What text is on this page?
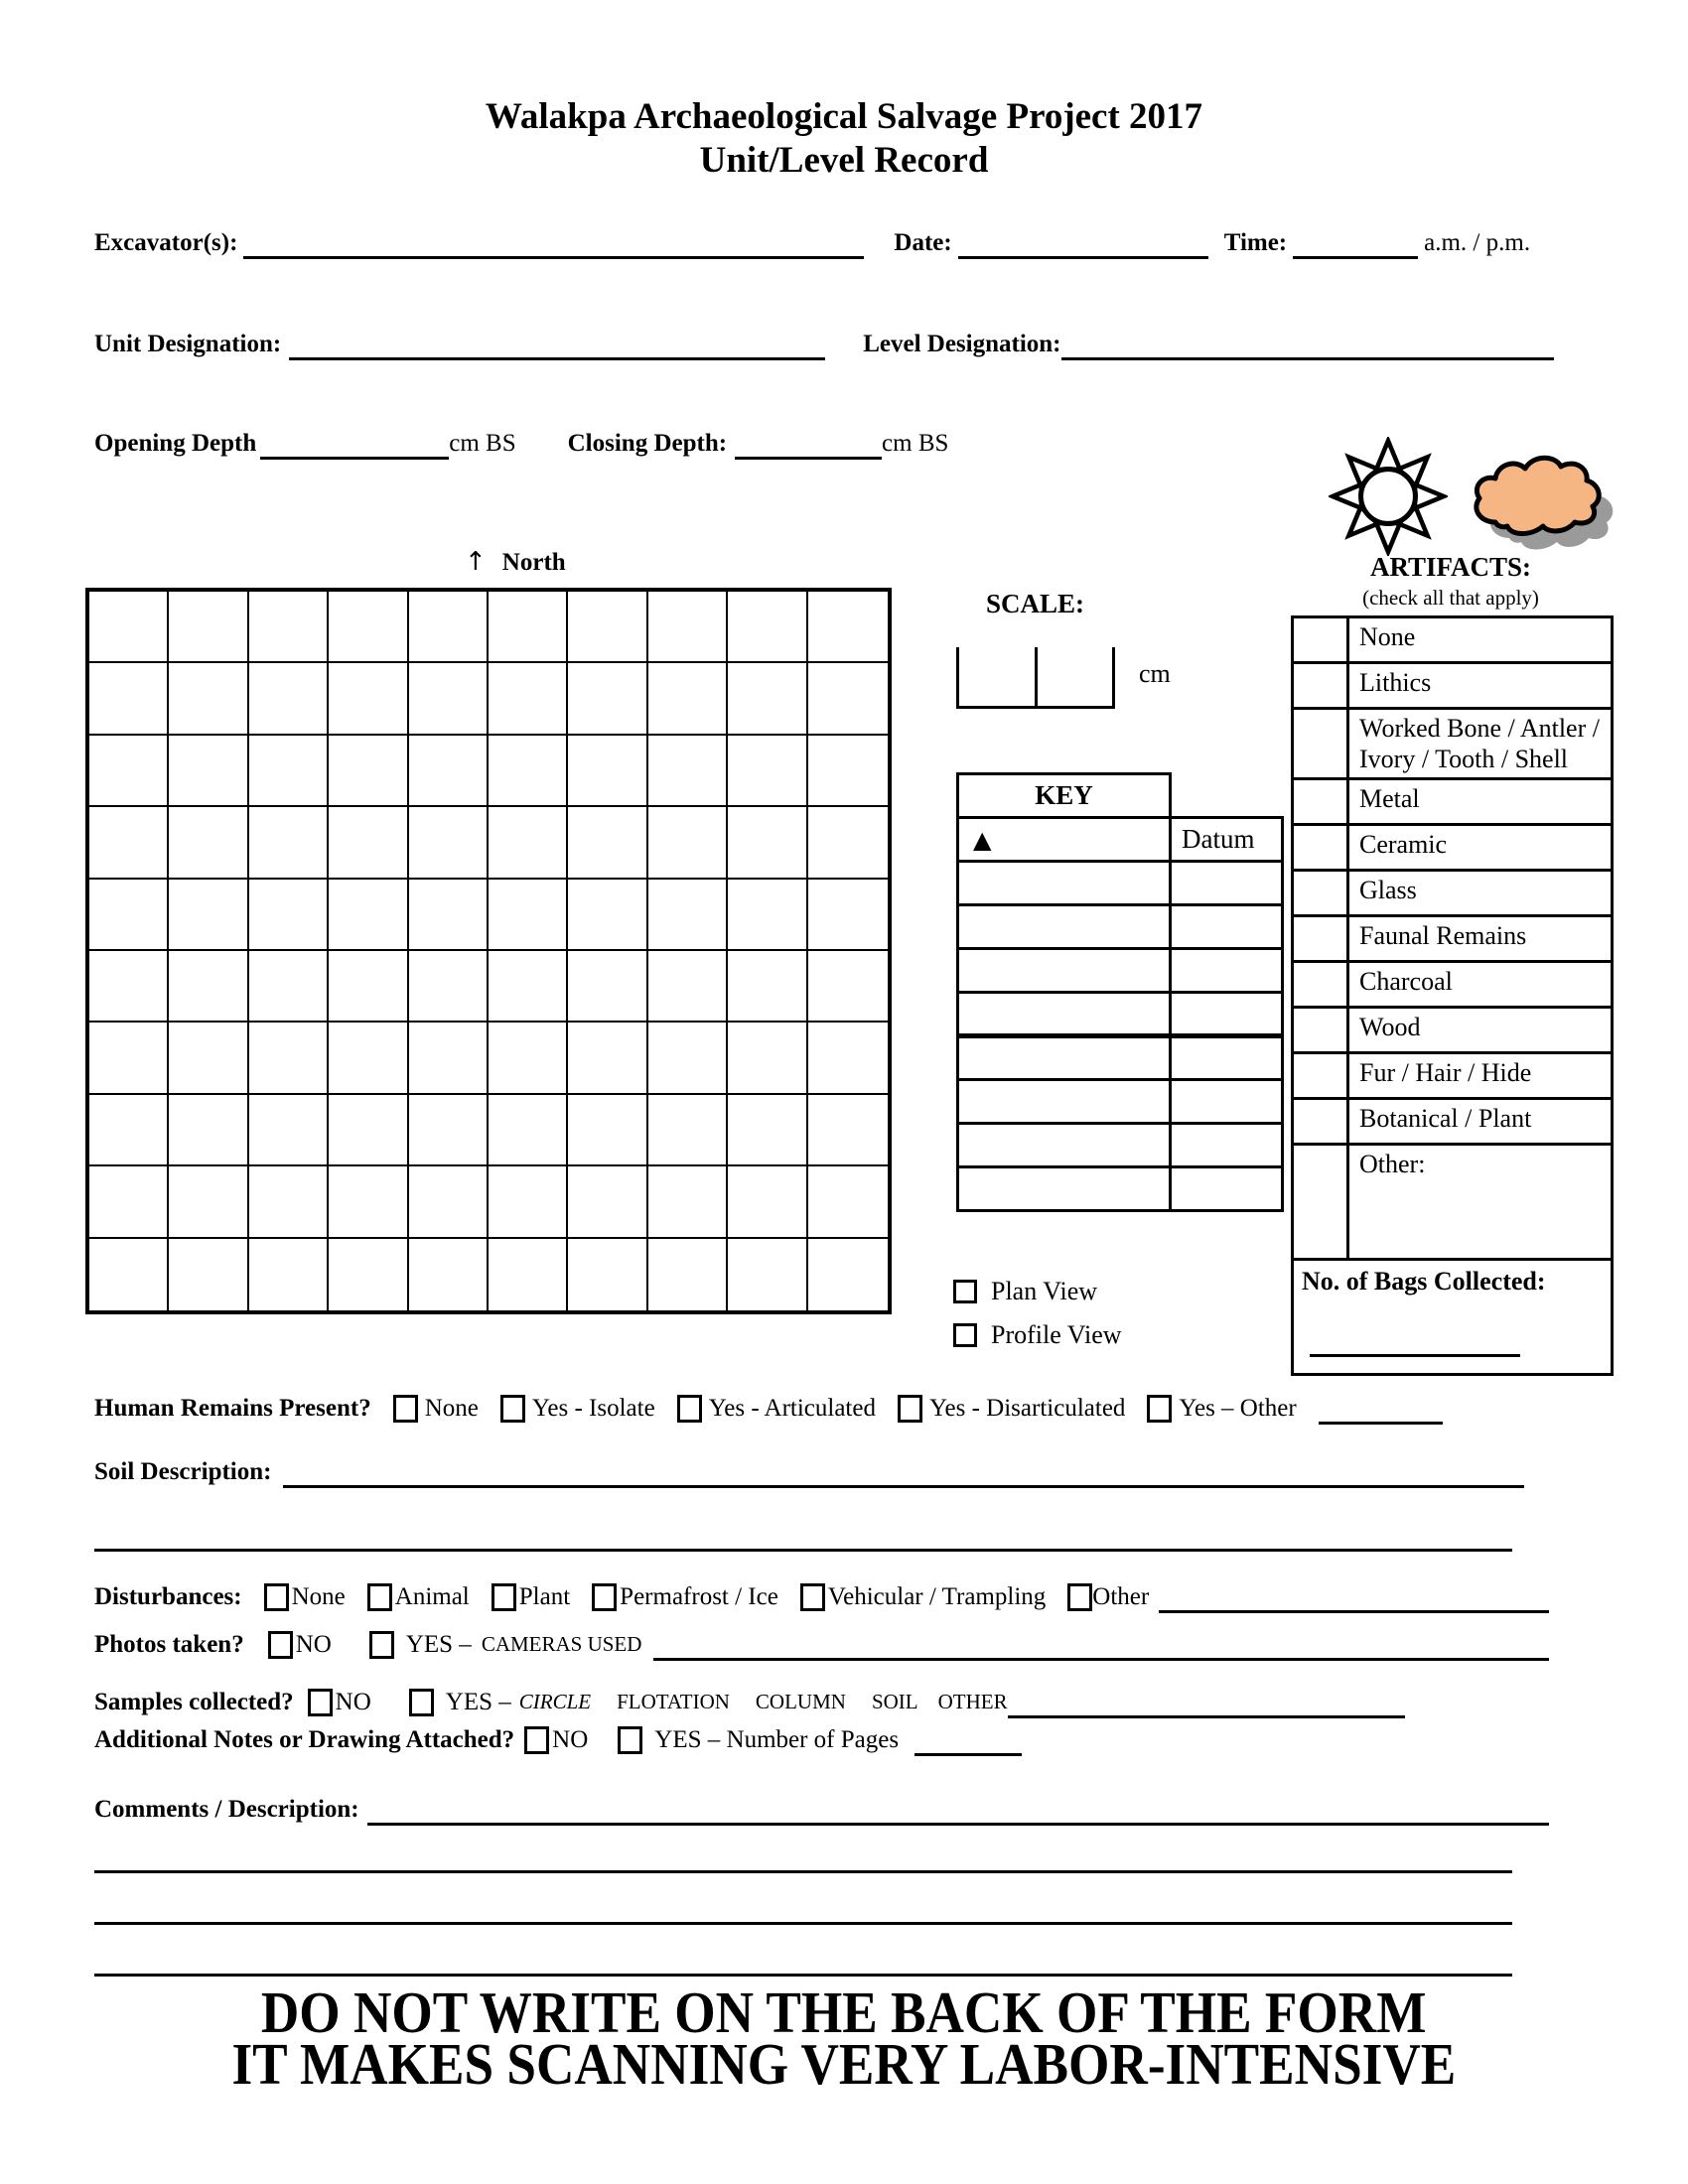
Walakpa Archaeological Salvage Project 2017
Unit/Level Record
Excavator(s):	Date:	Time:	a.m. / p.m.
Unit Designation:	Level Designation:
Opening Depth	cm BS Closing Depth:	cm BS
↑ North
SCALE:
cm
KEY	
▲	Datum

Plan View
Profile View
ARTIFACTS:
(check all that apply)
	None
	Lithics
	Worked Bone / Antler / Ivory / Tooth / Shell
	Metal
	Ceramic
	Glass
	Faunal Remains
	Charcoal
	Wood
	Fur / Hair / Hide
	Botanical / Plant
	Other:
No. of Bags Collected:	
Human Remains Present? None Yes - Isolate Yes - Articulated Yes - Disarticulated Yes – Other
Soil Description:
Disturbances: None Animal Plant Permafrost / Ice Vehicular / Trampling Other
Photos taken? NO	YES – CAMERAS USED
Samples collected? NO	YES – CIRCLE FLOTATION COLUMN SOIL OTHER
Additional Notes or Drawing Attached? NO	YES – Number of Pages
Comments / Description:
DO NOT WRITE ON THE BACK OF THE FORM
IT MAKES SCANNING VERY LABOR-INTENSIVE
